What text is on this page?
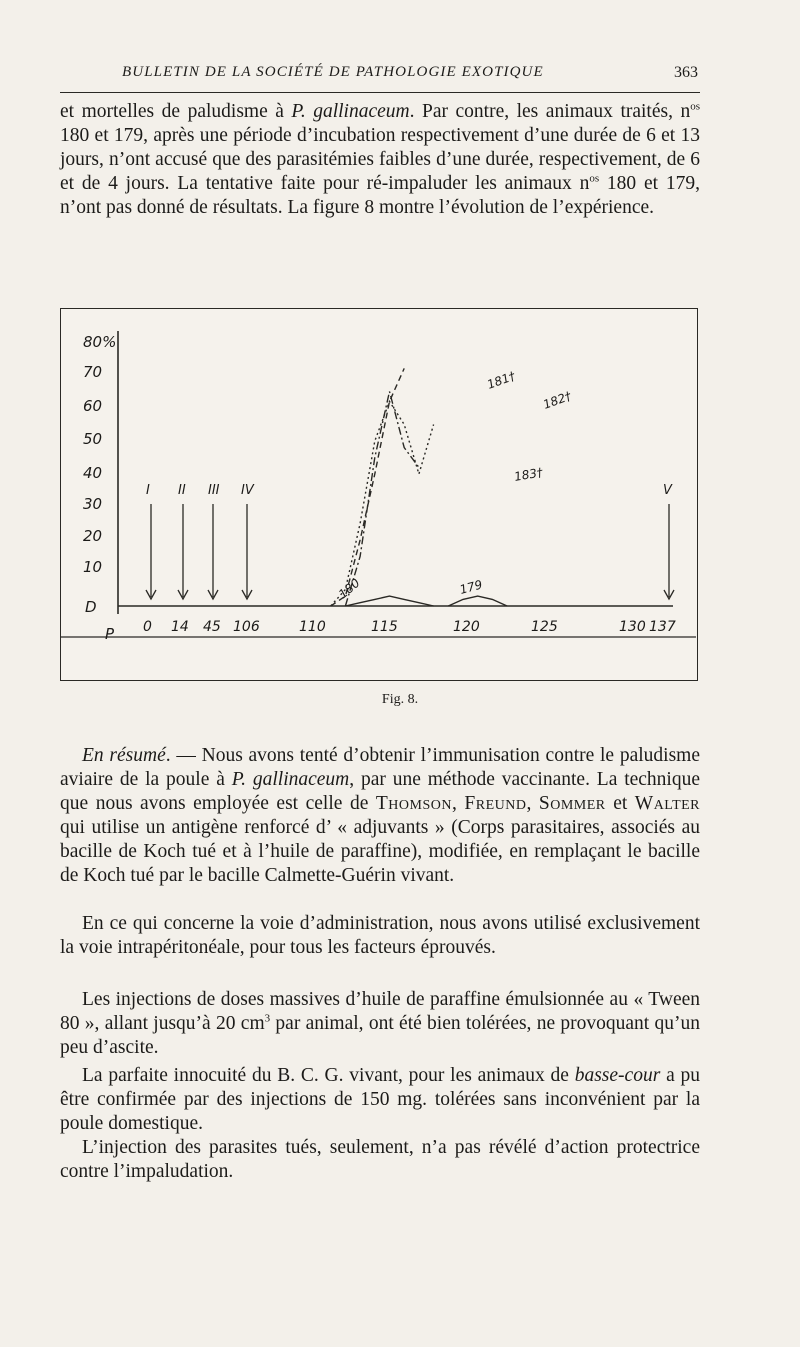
BULLETIN DE LA SOCIÉTÉ DE PATHOLOGIE EXOTIQUE	363

et mortelles de paludisme à P. gallinaceum. Par contre, les animaux traités, $n^{os}$ 180 et 179, après une période d’incubation respectivement d’une durée de 6 et 13 jours, n’ont accusé que des parasitémies faibles d’une durée, respectivement, de 6 et de 4 jours. La tentative faite pour ré-impaluder les animaux $n^{os}$ 180 et 179, n’ont pas donné de résultats. La figure 8 montre l’évolution de l’expérience.

80%
70
60
50
40
30
20
10
D
P 0 14 45 106	110	115	120	125	130 137
I II III IV	V
181†
182†
183†
180	179
Fig. 8.

En résumé. — Nous avons tenté d’obtenir l’immunisation contre le paludisme aviaire de la poule à P. gallinaceum, par une méthode vaccinante. La technique que nous avons employée est celle de Thomson, Freund, Sommer et Walter qui utilise un antigène renforcé d’ « adjuvants » (Corps parasitaires, associés au bacille de Koch tué et à l’huile de paraffine), modifiée, en remplaçant le bacille de Koch tué par le bacille Calmette-Guérin vivant.

En ce qui concerne la voie d’administration, nous avons utilisé exclusivement la voie intrapéritonéale, pour tous les facteurs éprouvés.

Les injections de doses massives d’huile de paraffine émulsionnée au « Tween 80 », allant jusqu’à 20 $cm^3$ par animal, ont été bien tolérées, ne provoquant qu’un peu d’ascite.

La parfaite innocuité du B. C. G. vivant, pour les animaux de basse-cour a pu être confirmée par des injections de 150 mg. tolérées sans inconvénient par la poule domestique.

L’injection des parasites tués, seulement, n’a pas révélé d’action protectrice contre l’impaludation.
